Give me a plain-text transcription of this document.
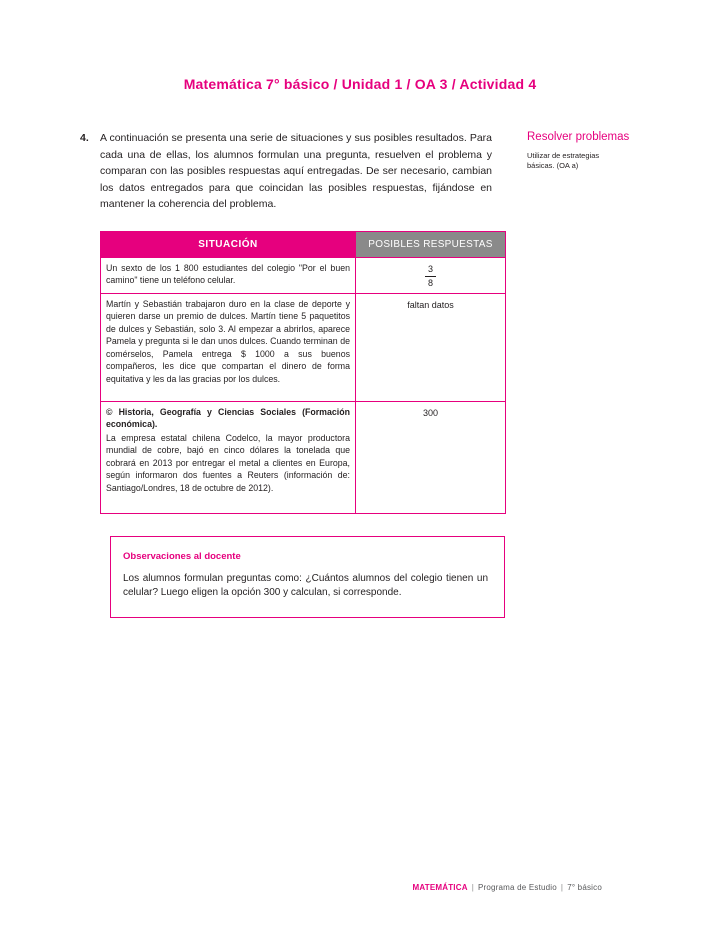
Matemática 7° básico / Unidad 1 / OA 3 / Actividad 4
4.	A continuación se presenta una serie de situaciones y sus posibles resultados. Para cada una de ellas, los alumnos formulan una pregunta, resuelven el problema y comparan con las posibles respuestas aquí entregadas. De ser necesario, cambian los datos entregados para que coincidan las posibles respuestas, fijándose en mantener la coherencia del problema.

SITUACIÓN	POSIBLES RESPUESTAS
Un sexto de los 1 800 estudiantes del colegio "Por el buen camino" tiene un teléfono celular.	$\frac{3}{8}$

Martín y Sebastián trabajaron duro en la clase de deporte y quieren darse un premio de dulces. Martín tiene 5 paquetitos de dulces y Sebastián, solo 3. Al empezar a abrirlos, aparece Pamela y pregunta si le dan unos dulces. Cuando terminan de comérselos, Pamela entrega $ 1000 a sus buenos compañeros, les dice que compartan el dinero de forma equitativa y les da las gracias por los dulces.	faltan datos

© Historia, Geografía y Ciencias Sociales (Formación económica).
La empresa estatal chilena Codelco, la mayor productora mundial de cobre, bajó en cinco dólares la tonelada que cobrará en 2013 por entregar el metal a clientes en Europa, según informaron dos fuentes a Reuters (información de: Santiago/Londres, 18 de octubre de 2012).	300
Observaciones al docente

Los alumnos formulan preguntas como: ¿Cuántos alumnos del colegio tienen un celular? Luego eligen la opción 300 y calculan, si corresponde.

Resolver problemas
Utilizar de estrategias básicas. (OA a)
MATEMÁTICA | Programa de Estudio | 7° básico
